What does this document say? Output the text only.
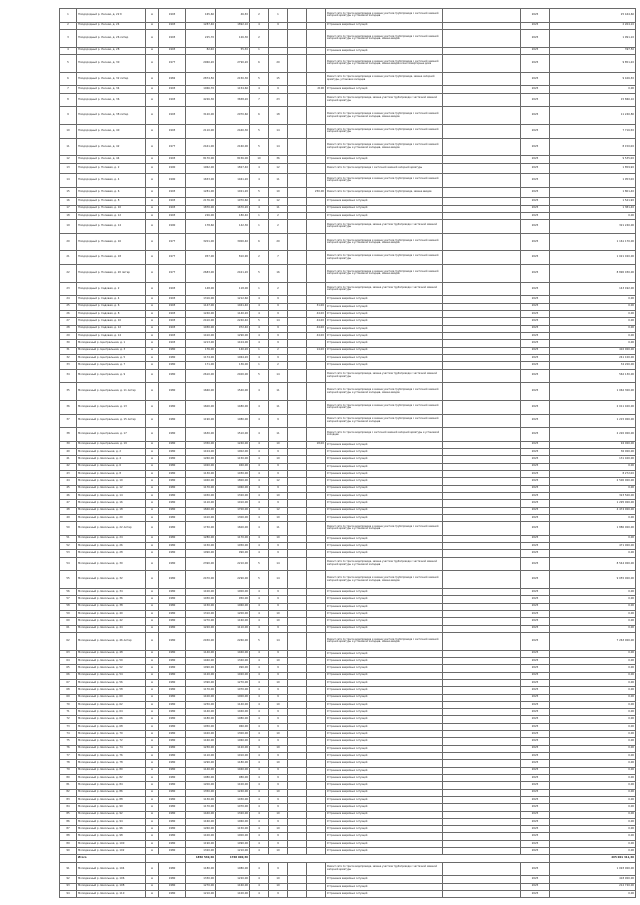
1	Плодородный р. Лесная, д. 22 б	м	1993	165,60	46,30	2	1			Ремонт сети по трассе водопровода и замене участков трубопровода с частичной заменой запорной арматуры и установкой колодцев		2025	25 444,60
2	Плодородный р. Лесная, д. 24	м	1993	1287,40	1892,10	4	9			Устранение аварийных ситуаций		2025	2 264,10
3	Плодородный р. Лесная, д. 26 литер	м	1993	225,70	126,30	2				Ремонт сети по трассе водопровода и замене участков трубопровода с частичной заменой запорной арматуры и установкой колодцев, замена вводов		2025	1 991,10
4	Плодородный р. Лесная, д. 28	м	1993	82,60	55,30	1				Устранение аварийных ситуаций		2025	397,50
5	Плодородный р. Лесная, д. 30	м	1977	2960,20	2790,20	6	20			Ремонт сети по трассе водопровода и замене участков трубопровода с частичной заменой запорной арматуры и установкой колодцев, замена вводов в многоквартирные дома		2025	9 851,20
6	Плодородный р. Лесная, д. 32 литер	м	1982	2874,50	2150,30	5	15			Ремонт сети по трассе водопровода и замене участков трубопровода, замена запорной арматуры, установка колодцев		2025	9 166,30
7	Плодородный р. Лесная, д. 34	м	1993	1066,70	1154,60	4	9		2100	Устранение аварийных ситуаций		2025	0,00
8	Плодородный р. Лесная, д. 36	м	1993	4226,30	3658,20	7	23			Ремонт сети по трассе водопровода, замена участков трубопровода с частичной заменой запорной арматуры		2025	15 860,10
9	Плодородный р. Лесная, д. 38 литер	м	1993	3120,00	2970,60	6	18			Ремонт сети по трассе водопровода и замене участков трубопровода с частичной заменой запорной арматуры и установкой колодцев, замена вводов		2025	11 240,80
10	Плодородный р. Лесная, д. 40	м	1993	2110,00	2440,30	5	14			Ремонт сети по трассе водопровода и замене участков трубопровода с частичной заменой запорной арматуры		2025	7 716,50
11	Плодородный р. Лесная, д. 42	м	1977	2441,00	2160,00	5	14			Ремонт сети по трассе водопровода и замене участков трубопровода с частичной заменой запорной арматуры и установкой колодцев, замена вводов		2025	8 150,00
12	Плодородный р. Лесная, д. 44	м	1993	8170,00	8156,00	10	36			Устранение аварийных ситуаций		2025	9 535,00
13	Плодородный р. Полевая, д. 2	м	1990	1962,00	1827,40	4	12			Ремонт сети по трассе водопровода с частичной заменой запорной арматуры		2025	1 859,90
14	Плодородный р. Полевая, д. 4	м	1990	1653,00	1461,20	4	11			Ремонт сети по трассе водопровода и замене участков трубопровода с частичной заменой запорной арматуры		2025	1 953,00
15	Плодородный р. Полевая, д. 6	м	1993	1281,00	1021,20	5	10		250,00	Ремонт сети по трассе водопровода и замене участков трубопровода, замена вводов		2025	1 801,40
16	Плодородный р. Полевая, д. 8	м	1993	2176,00	1970,60	4	12			Устранение аварийных ситуаций		2025	1 541,90
17	Плодородный р. Полевая, д. 10	м	1993	1870,00	1670,20	4	11			Устранение аварийных ситуаций		2025	1 381,40
18	Плодородный р. Полевая, д. 12	м	1993	226,00	180,40	1	2			Устранение аварийных ситуаций		2025	0,00
19	Плодородный р. Полевая, д. 14	м	1990	178,60	142,30	1	2			Ремонт сети по трассе водопровода, замена участков трубопровода с частичной заменой запорной арматуры		2025	321 240,00
20	Плодородный р. Полевая, д. 16	м	1977	3201,00	3000,40	6	20			Ремонт сети по трассе водопровода и замене участков трубопровода с частичной заменой запорной арматуры и установкой колодцев, замена вводов		2025	1 161 170,00
21	Плодородный р. Полевая, д. 18	м	1977	957,00	810,90	2	7			Ремонт сети по трассе водопровода и замене участков трубопровода с частичной заменой запорной арматуры		2025	1 021 020,00
22	Плодородный р. Полевая, д. 20 литер	м	1977	2683,00	2421,20	5	16			Ремонт сети по трассе водопровода и замене участков трубопровода с частичной заменой запорной арматуры и установкой колодцев, замена вводов		2025	8 890 030,00
23	Плодородный р. Садовая, д. 2	м	1993	148,00	118,00	1	2			Ремонт сети по трассе водопровода, замена участков трубопровода с частичной заменой запорной арматуры		2025	143 492,00
24	Плодородный р. Садовая, д. 4	м	1993	1316,00	1212,60	4	9			Устранение аварийных ситуаций		2025	0,00
25	Плодородный р. Садовая, д. 6	м	1993	1147,00	1041,40	4	9		31,00	Устранение аварийных ситуаций		2025	0,00
26	Плодородный р. Садовая, д. 8	м	1993	1240,00	1140,20	4	9		44,00	Устранение аварийных ситуаций		2025	0,00
27	Плодородный р. Садовая, д. 10	м	1993	2410,00	2240,40	5	14		44,00	Устранение аварийных ситуаций		2025	0,00
28	Плодородный р. Садовая, д. 12	м	1993	1030,00	972,40	4	9		44,00	Устранение аварийных ситуаций		2025	0,00
29	Плодородный р. Садовая, д. 14	м	1993	1410,00	1290,00	4	9		44,00	Устранение аварийных ситуаций		2025	0,00
30	Молодежный р. Центральная, д. 1	м	1993	1213,00	1104,00	4	9			Устранение аварийных ситуаций		2025	0,00
31	Молодежный р. Центральная, д. 3	м	1980	176,00	140,20	1	2		14,00	Устранение аварийных ситуаций		2025	410 000,00
32	Молодежный р. Центральная, д. 5	м	1980	1174,00	1064,20	4	9			Устранение аварийных ситуаций		2025	241 100,00
33	Молодежный р. Центральная, д. 7	м	1980	171,00	136,00	1	2			Устранение аварийных ситуаций		2025	34 200,00
34	Молодежный р. Центральная, д. 9	м	1980	2610,00	2400,00	5	14			Ремонт сети по трассе водопровода, замена участков трубопровода с частичной заменой запорной арматуры		2025	562 130,00
35	Молодежный р. Центральная, д. 11 литер	м	1980	1660,00	1540,00	4	11			Ремонт сети по трассе водопровода и замене участков трубопровода с частичной заменой запорной арматуры и установкой колодцев, замена вводов		2025	1 062 300,00
36	Молодежный р. Центральная, д. 13	м	1980	1600,00	1480,00	4	11			Ремонт сети по трассе водопровода и замене участков трубопровода с частичной заменой запорной арматуры		2025	2 011 400,00
37	Молодежный р. Центральная, д. 15 литер	м	1980	1190,00	1080,00	4	9			Ремонт сети по трассе водопровода и замене участков трубопровода с частичной заменой запорной арматуры и установкой колодцев		2025	1 215 000,00
38	Молодежный р. Центральная, д. 17	м	1980	1630,00	1510,00	4	11			Ремонт сети по трассе водопровода с частичной заменой запорной арматуры и установкой колодцев		2025	2 220 000,00
39	Молодежный р. Центральная, д. 19	м	1980	1350,00	1240,00	4	10		18,00	Устранение аварийных ситуаций		2025	94 000,00
40	Молодежный р. Школьная, д. 2	м	1980	1104,00	1002,00	4	9			Устранение аварийных ситуаций		2025	36 000,00
41	Молодежный р. Школьная, д. 4	м	1980	1260,00	1150,00	4	10			Устранение аварийных ситуаций		2025	131 400,00
42	Молодежный р. Школьная, д. 6	м	1980	1020,00	940,00	4	9			Устранение аварийных ситуаций		2025	0,00
43	Молодежный р. Школьная, д. 8	м	1980	1130,00	1030,00	4	9			Устранение аварийных ситуаций		2025	8 272,00
44	Молодежный р. Школьная, д. 10	м	1980	1940,00	1800,00	4	12			Устранение аварийных ситуаций		2025	2 500 000,00
45	Молодежный р. Школьная, д. 12	м	1980	1170,00	1060,00	4	9			Устранение аварийных ситуаций		2025	0,00
46	Молодежный р. Школьная, д. 14	м	1980	1450,00	1320,00	4	10			Устранение аварийных ситуаций		2025	323 500,00
47	Молодежный р. Школьная, д. 16	м	1980	1110,00	1010,00	4	9			Устранение аварийных ситуаций		2025	1 295 000,00
48	Молодежный р. Школьная, д. 18	м	1980	1840,00	1700,00	4	12			Устранение аварийных ситуаций		2025	4 474 000,00
49	Молодежный р. Школьная, д. 20	м	1980	1410,00	1300,00	4	10			Устранение аварийных ситуаций		2025	0,00
50	Молодежный р. Школьная, д. 22 литер	м	1980	1730,00	1600,00	4	11			Ремонт сети по трассе водопровода и замене участков трубопровода с частичной заменой запорной арматуры и установкой колодцев		2025	1 880 000,00
51	Молодежный р. Школьная, д. 24	м	1980	1280,00	1170,00	4	10			Устранение аварийных ситуаций		2025	0,00
52	Молодежный р. Школьная, д. 26	м	1980	1150,00	1050,00	4	9			Устранение аварийных ситуаций		2025	471 000,00
53	Молодежный р. Школьная, д. 28	м	1980	1090,00	990,00	4	9			Устранение аварийных ситуаций		2025	0,00
54	Молодежный р. Школьная, д. 30	м	1980	2390,00	2210,00	5	14			Ремонт сети по трассе водопровода, замена участков трубопровода с частичной заменой запорной арматуры и установкой колодцев		2025	8 544 000,00
55	Молодежный р. Школьная, д. 32	м	1980	2470,00	2290,00	5	14			Ремонт сети по трассе водопровода и замене участков трубопровода с частичной заменой запорной арматуры и установкой колодцев, замена вводов		2025	9 055 000,00
56	Молодежный р. Школьная, д. 34	м	1980	1100,00	1000,00	4	9			Устранение аварийных ситуаций		2025	0,00
57	Молодежный р. Школьная, д. 36	м	1980	1030,00	950,00	4	9			Устранение аварийных ситуаций		2025	0,00
58	Молодежный р. Школьная, д. 38	м	1980	1150,00	1060,00	4	9			Устранение аварийных ситуаций		2025	0,00
59	Молодежный р. Школьная, д. 40	м	1980	1310,00	1200,00	4	10			Устранение аварийных ситуаций		2025	0,00
60	Молодежный р. Школьная, д. 42	м	1980	1270,00	1160,00	4	10			Устранение аварийных ситуаций		2025	0,00
61	Молодежный р. Школьная, д. 44	м	1980	1220,00	1110,00	4	9			Устранение аварийных ситуаций		2025	0,00
62	Молодежный р. Школьная, д. 46 литер	м	1980	2450,00	2260,00	5	14			Ремонт сети по трассе водопровода и замене участков трубопровода с частичной заменой запорной арматуры и установкой колодцев, замена вводов		2025	7 263 000,00
63	Молодежный р. Школьная, д. 48	м	1980	1140,00	1040,00	4	9			Устранение аварийных ситуаций		2025	0,00
64	Молодежный р. Школьная, д. 50	м	1980	1460,00	1340,00	4	10			Устранение аварийных ситуаций		2025	0,00
65	Молодежный р. Школьная, д. 52	м	1980	1090,00	990,00	4	9			Устранение аварийных ситуаций		2025	0,00
66	Молодежный р. Школьная, д. 54	м	1980	1120,00	1020,00	4	9			Устранение аварийных ситуаций		2025	0,00
67	Молодежный р. Школьная, д. 56	м	1980	1390,00	1270,00	4	10			Устранение аварийных ситуаций		2025	0,00
68	Молодежный р. Школьная, д. 58	м	1980	1170,00	1070,00	4	9			Устранение аварийных ситуаций		2025	0,00
69	Молодежный р. Школьная, д. 60	м	1980	1100,00	1000,00	4	9			Устранение аварийных ситуаций		2025	0,00
70	Молодежный р. Школьная, д. 62	м	1980	1250,00	1140,00	4	10			Устранение аварийных ситуаций		2025	0,00
71	Молодежный р. Школьная, д. 64	м	1980	1140,00	1040,00	4	9			Устранение аварийных ситуаций		2025	0,00
72	Молодежный р. Школьная, д. 66	м	1980	1180,00	1080,00	4	9			Устранение аварийных ситуаций		2025	0,00
73	Молодежный р. Школьная, д. 68	м	1980	1050,00	960,00	4	9			Устранение аварийных ситуаций		2025	0,00
74	Молодежный р. Школьная, д. 70	м	1980	1420,00	1300,00	4	10			Устранение аварийных ситуаций		2025	0,00
75	Молодежный р. Школьная, д. 72	м	1980	1160,00	1060,00	4	9			Устранение аварийных ситуаций		2025	0,00
76	Молодежный р. Школьная, д. 74	м	1980	1230,00	1120,00	4	10			Устранение аварийных ситуаций		2025	0,00
77	Молодежный р. Школьная, д. 76	м	1980	1110,00	1010,00	4	9			Устранение аварийных ситуаций		2025	0,00
78	Молодежный р. Школьная, д. 78	м	1980	1290,00	1180,00	4	10			Устранение аварийных ситуаций		2025	0,00
79	Молодежный р. Школьная, д. 80	м	1980	1140,00	1040,00	4	9			Устранение аварийных ситуаций		2025	0,00
80	Молодежный р. Школьная, д. 82	м	1980	1080,00	980,00	4	9			Устранение аварийных ситуаций		2025	0,00
81	Молодежный р. Школьная, д. 84	м	1980	1200,00	1100,00	4	9			Устранение аварийных ситуаций		2025	0,00
82	Молодежный р. Школьная, д. 86	м	1980	1350,00	1240,00	4	10			Устранение аварийных ситуаций		2025	0,00
83	Молодежный р. Школьная, д. 88	м	1980	1130,00	1030,00	4	9			Устранение аварийных ситуаций		2025	0,00
84	Молодежный р. Школьная, д. 90	м	1980	1170,00	1070,00	4	9			Устранение аварийных ситуаций		2025	0,00
85	Молодежный р. Школьная, д. 92	м	1980	1440,00	1320,00	4	10			Устранение аварийных ситуаций		2025	0,00
86	Молодежный р. Школьная, д. 94	м	1980	1160,00	1060,00	4	9			Устранение аварийных ситуаций		2025	0,00
87	Молодежный р. Школьная, д. 96	м	1980	1260,00	1150,00	4	10			Устранение аварийных ситуаций		2025	0,00
88	Молодежный р. Школьная, д. 98	м	1980	1100,00	1000,00	4	9			Устранение аварийных ситуаций		2025	0,00
89	Молодежный р. Школьная, д. 100	м	1980	1190,00	1090,00	4	9			Устранение аварийных ситуаций		2025	0,00
90	Молодежный р. Школьная, д. 102	м	1980	1320,00	1210,00	4	10			Устранение аварийных ситуаций		2025	0,00
	Итого			1856 540,40	1768 000,30								265 001 411,40
91	Молодежный р. Школьная, д. 104	м	1980	1180,00	1080,00	4	9			Ремонт сети по трассе водопровода, замена участков трубопровода с частичной заменой запорной арматуры		2025	1 093 000,00
92	Молодежный р. Школьная, д. 106	м	1980	1330,00	1220,00	4	10			Устранение аварийных ситуаций		2025	418 900,00
93	Молодежный р. Школьная, д. 108	м	1980	1270,00	1160,00	4	10			Устранение аварийных ситуаций		2025	212 720,00
94	Молодежный р. Школьная, д. 110	м	1980	1210,00	1100,00	4	9			Устранение аварийных ситуаций		2025	0,00
